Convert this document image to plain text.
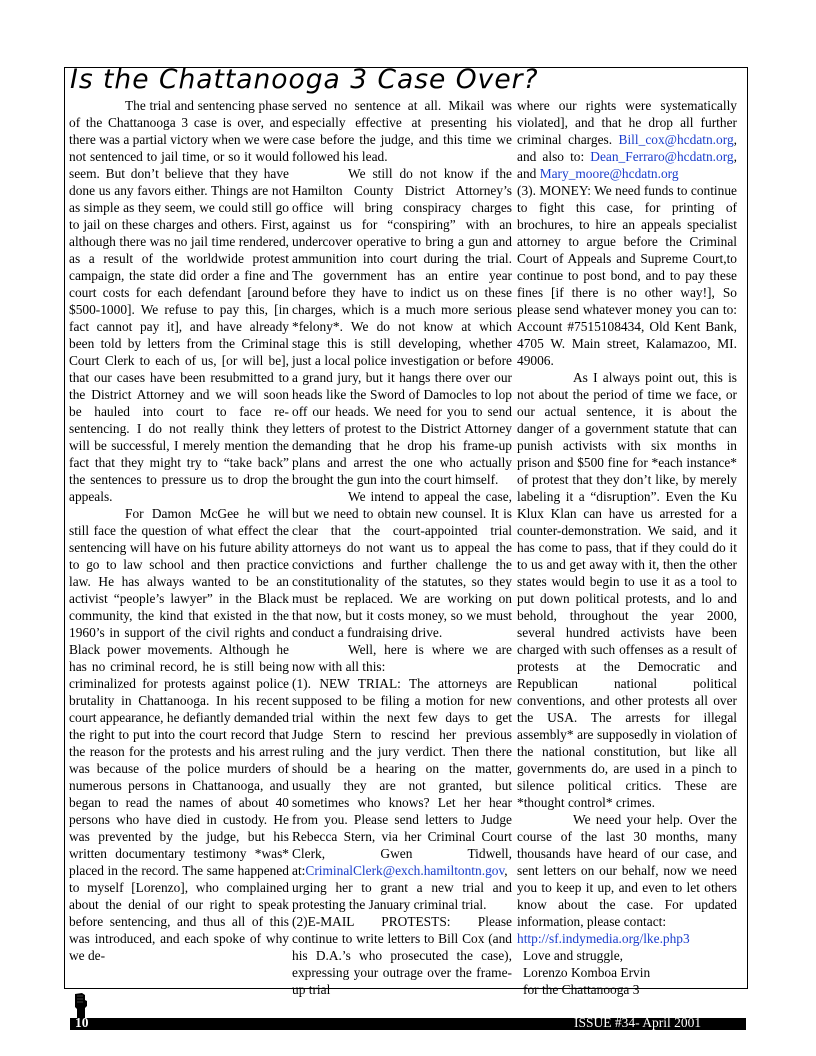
Is the Chattanooga 3 Case Over?

The trial and sentencing phase of the Chattanooga 3 case is over, and there was a partial victory when we were not sentenced to jail time, or so it would seem. But don’t believe that they have done us any favors either. Things are not as simple as they seem, we could still go to jail on these charges and others. First, although there was no jail time rendered, as a result of the worldwide protest campaign, the state did order a fine and court costs for each defendant [around $500-1000]. We refuse to pay this, [in fact cannot pay it], and have already been told by letters from the Criminal Court Clerk to each of us, [or will be], that our cases have been resubmitted to the District Attorney and we will soon be hauled into court to face re-sentencing. I do not really think they will be successful, I merely mention the fact that they might try to “take back” the sentences to pressure us to drop the appeals.

For Damon McGee he will still face the question of what effect the sentencing will have on his future ability to go to law school and then practice law. He has always wanted to be an activist “people’s lawyer” in the Black community, the kind that existed in the 1960’s in support of the civil rights and Black power movements. Although he has no criminal record, he is still being criminalized for protests against police brutality in Chattanooga. In his recent court appearance, he defiantly demanded the right to put into the court record that the reason for the protests and his arrest was because of the police murders of numerous persons in Chattanooga, and began to read the names of about 40 persons who have died in custody. He was prevented by the judge, but his written documentary testimony *was* placed in the record. The same happened to myself [Lorenzo], who complained about the denial of our right to speak before sentencing, and thus all of this was introduced, and each spoke of why we de-

served no sentence at all. Mikail was especially effective at presenting his case before the judge, and this time we followed his lead.

We still do not know if the Hamilton County District Attorney’s office will bring conspiracy charges against us for “conspiring” with an undercover operative to bring a gun and ammunition into court during the trial. The government has an entire year before they have to indict us on these charges, which is a much more serious *felony*. We do not know at which stage this is still developing, whether just a local police investigation or before a grand jury, but it hangs there over our heads like the Sword of Damocles to lop off our heads. We need for you to send letters of protest to the District Attorney demanding that he drop his frame-up plans and arrest the one who actually brought the gun into the court himself.

We intend to appeal the case, but we need to obtain new counsel. It is clear that the court-appointed trial attorneys do not want us to appeal the convictions and further challenge the constitutionality of the statutes, so they must be replaced. We are working on that now, but it costs money, so we must conduct a fundraising drive.

Well, here is where we are now with all this:

(1). NEW TRIAL: The attorneys are supposed to be filing a motion for new trial within the next few days to get Judge Stern to rescind her previous ruling and the jury verdict. Then there should be a hearing on the matter, usually they are not granted, but sometimes who knows? Let her hear from you. Please send letters to Judge Rebecca Stern, via her Criminal Court Clerk, Gwen Tidwell, at:CriminalClerk@exch.hamiltontn.gov, urging her to grant a new trial and protesting the January criminal trial.

(2)E-MAIL PROTESTS: Please continue to write letters to Bill Cox (and his D.A.’s who prosecuted the case), expressing your outrage over the frame-up trial

where our rights were systematically violated], and that he drop all further criminal charges. Bill_cox@hcdatn.org, and also to: Dean_Ferraro@hcdatn.org, and Mary_moore@hcdatn.org

(3). MONEY: We need funds to continue to fight this case, for printing of brochures, to hire an appeals specialist attorney to argue before the Criminal Court of Appeals and Supreme Court,to continue to post bond, and to pay these fines [if there is no other way!], So please send whatever money you can to: Account #7515108434, Old Kent Bank, 4705 W. Main street, Kalamazoo, MI. 49006.

As I always point out, this is not about the period of time we face, or our actual sentence, it is about the danger of a government statute that can punish activists with six months in prison and $500 fine for *each instance* of protest that they don’t like, by merely labeling it a “disruption”. Even the Ku Klux Klan can have us arrested for a counter-demonstration. We said, and it has come to pass, that if they could do it to us and get away with it, then the other states would begin to use it as a tool to put down political protests, and lo and behold, throughout the year 2000, several hundred activists have been charged with such offenses as a result of protests at the Democratic and Republican national political conventions, and other protests all over the USA. The arrests for illegal assembly* are supposedly in violation of the national constitution, but like all governments do, are used in a pinch to silence political critics. These are *thought control* crimes.

We need your help. Over the course of the last 30 months, many thousands have heard of our case, and sent letters on our behalf, now we need you to keep it up, and even to let others know about the case. For updated information, please contact:

http://sf.indymedia.org/lke.php3

Love and struggle,

Lorenzo Komboa Ervin

for the Chattanooga 3

10	ISSUE #34- April 2001
